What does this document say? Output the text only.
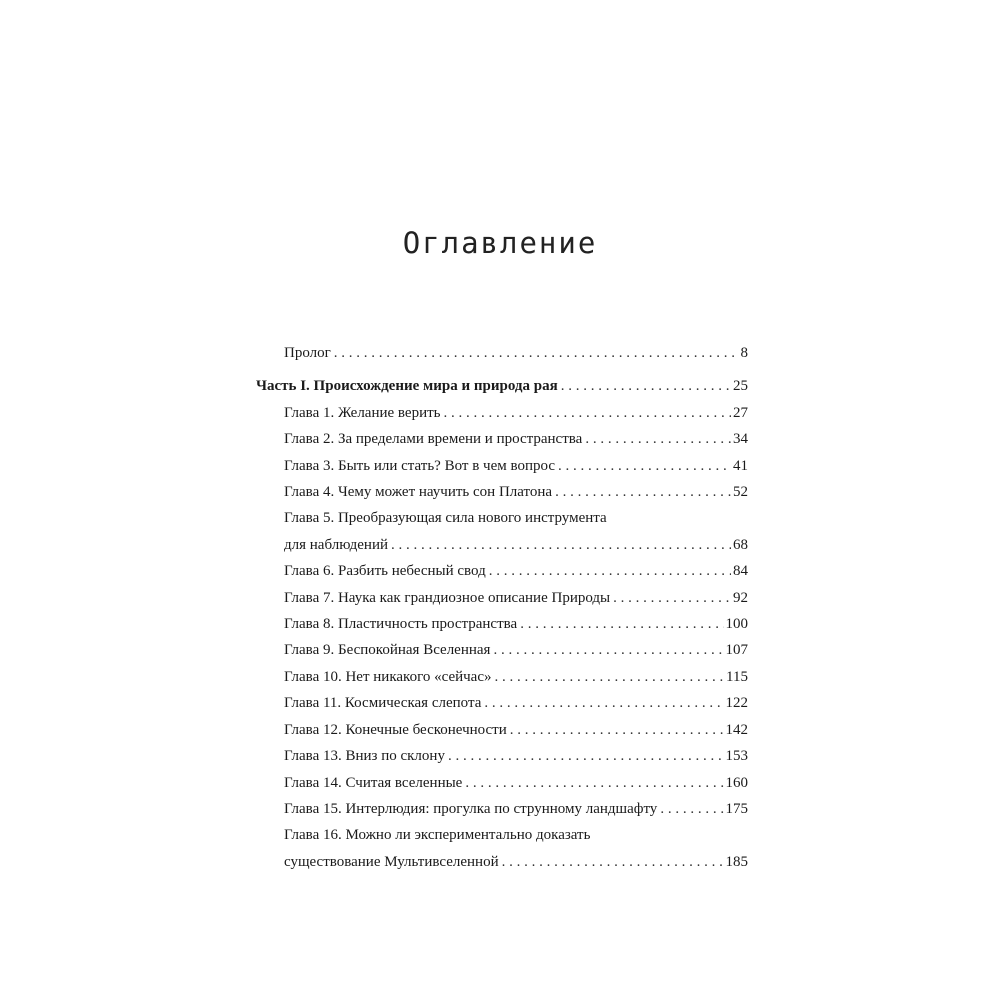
Оглавление
Пролог . . .	8
Часть I. Происхождение мира и природа рая . . .	25
Глава 1. Желание верить . . .	27
Глава 2. За пределами времени и пространства . . .	34
Глава 3. Быть или стать? Вот в чем вопрос . . .	41
Глава 4. Чему может научить сон Платона . . .	52
Глава 5. Преобразующая сила нового инструмента
для наблюдений . . .	68
Глава 6. Разбить небесный свод . . .	84
Глава 7. Наука как грандиозное описание Природы . . .	92
Глава 8. Пластичность пространства . . .	100
Глава 9. Беспокойная Вселенная . . .	107
Глава 10. Нет никакого «сейчас» . . .	115
Глава 11. Космическая слепота . . .	122
Глава 12. Конечные бесконечности . . .	142
Глава 13. Вниз по склону . . .	153
Глава 14. Считая вселенные . . .	160
Глава 15. Интерлюдия: прогулка по струнному ландшафту . . .	175
Глава 16. Можно ли экспериментально доказать
существование Мультивселенной . . .	185
